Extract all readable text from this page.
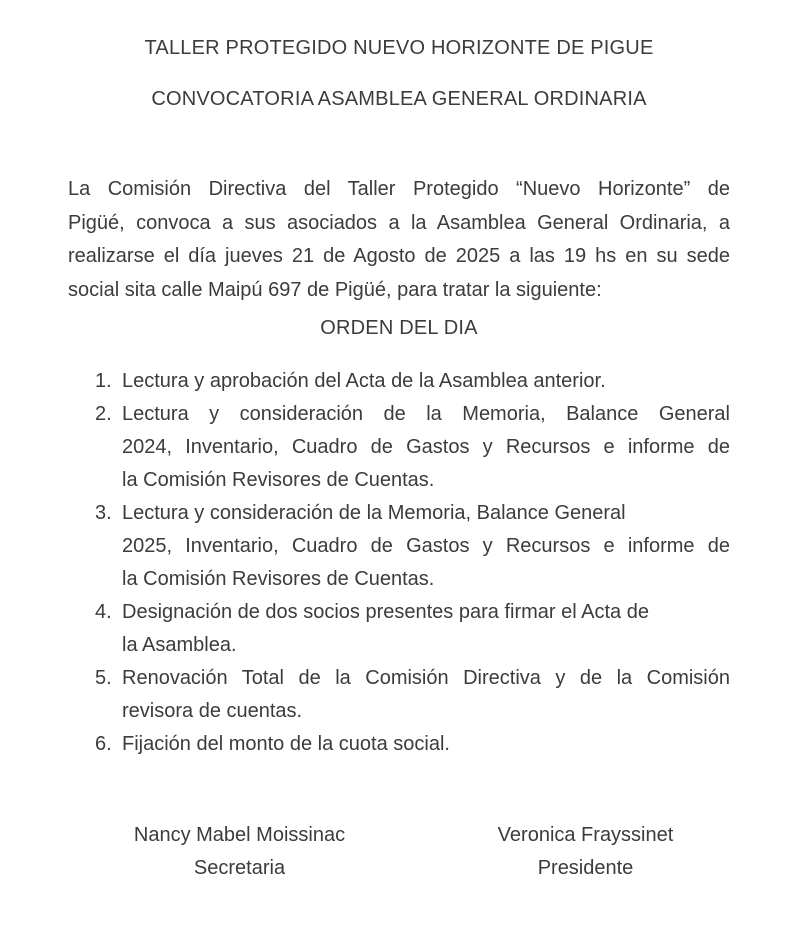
TALLER PROTEGIDO NUEVO HORIZONTE DE PIGUE
CONVOCATORIA ASAMBLEA GENERAL ORDINARIA
La Comisión Directiva del Taller Protegido “Nuevo Horizonte” de
Pigüé, convoca a sus asociados a la Asamblea General Ordinaria, a
realizarse el día jueves 21 de Agosto de 2025 a las 19 hs en su sede
social sita calle Maipú 697 de Pigüé, para tratar la siguiente:
ORDEN DEL DIA
1. Lectura y aprobación del Acta de la Asamblea anterior.
2. Lectura y consideración de la Memoria, Balance General
2024, Inventario, Cuadro de Gastos y Recursos e informe de
la Comisión Revisores de Cuentas.
3. Lectura y consideración de la Memoria, Balance General
2025, Inventario, Cuadro de Gastos y Recursos e informe de
la Comisión Revisores de Cuentas.
4. Designación de dos socios presentes para firmar el Acta de
la Asamblea.
5. Renovación Total de la Comisión Directiva y de la Comisión
revisora de cuentas.
6. Fijación del monto de la cuota social.
Nancy Mabel Moissinac
Secretaria
Veronica Frayssinet
Presidente
